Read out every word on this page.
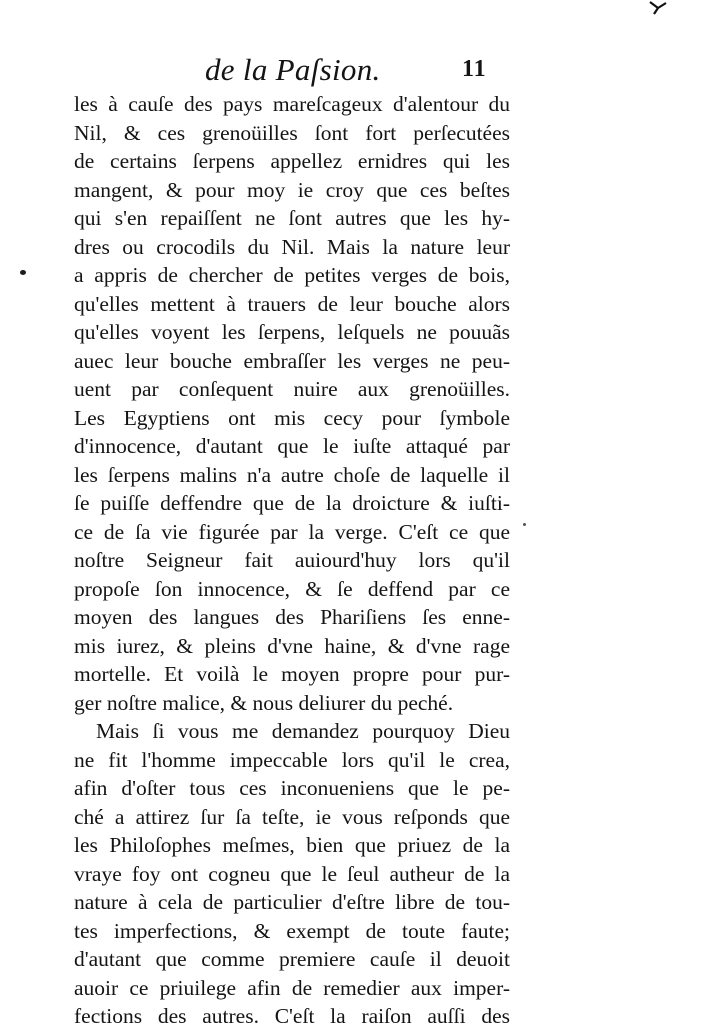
de la Paſsion.	11
les à cauſe des pays mareſcageux d'alentour du
Nil, & ces grenoüilles ſont fort perſecutées
de certains ſerpens appellez ernidres qui les
mangent, & pour moy ie croy que ces beſtes
qui s'en repaiſſent ne ſont autres que les hy-
dres ou crocodils du Nil. Mais la nature leur
a appris de chercher de petites verges de bois,
qu'elles mettent à trauers de leur bouche alors
qu'elles voyent les ſerpens, leſquels ne pouuãs
auec leur bouche embraſſer les verges ne peu-
uent par conſequent nuire aux grenoüilles.
Les Egyptiens ont mis cecy pour ſymbole
d'innocence, d'autant que le iuſte attaqué par
les ſerpens malins n'a autre choſe de laquelle il
ſe puiſſe deffendre que de la droicture & iuſti-
ce de ſa vie figurée par la verge. C'eſt ce que
noſtre Seigneur fait auiourd'huy lors qu'il
propoſe ſon innocence, & ſe deffend par ce
moyen des langues des Phariſiens ſes enne-
mis iurez, & pleins d'vne haine, & d'vne rage
mortelle. Et voilà le moyen propre pour pur-
ger noſtre malice, & nous deliurer du peché.
Mais ſi vous me demandez pourquoy Dieu
ne fit l'homme impeccable lors qu'il le crea,
afin d'oſter tous ces inconueniens que le pe-
ché a attirez ſur ſa teſte, ie vous reſponds que
les Philoſophes meſmes, bien que priuez de la
vraye foy ont cogneu que le ſeul autheur de la
nature à cela de particulier d'eſtre libre de tou-
tes imperfections, & exempt de toute faute;
d'autant que comme premiere cauſe il deuoit
auoir ce priuilege afin de remedier aux imper-
fections des autres. C'eſt la raiſon auſſi des
